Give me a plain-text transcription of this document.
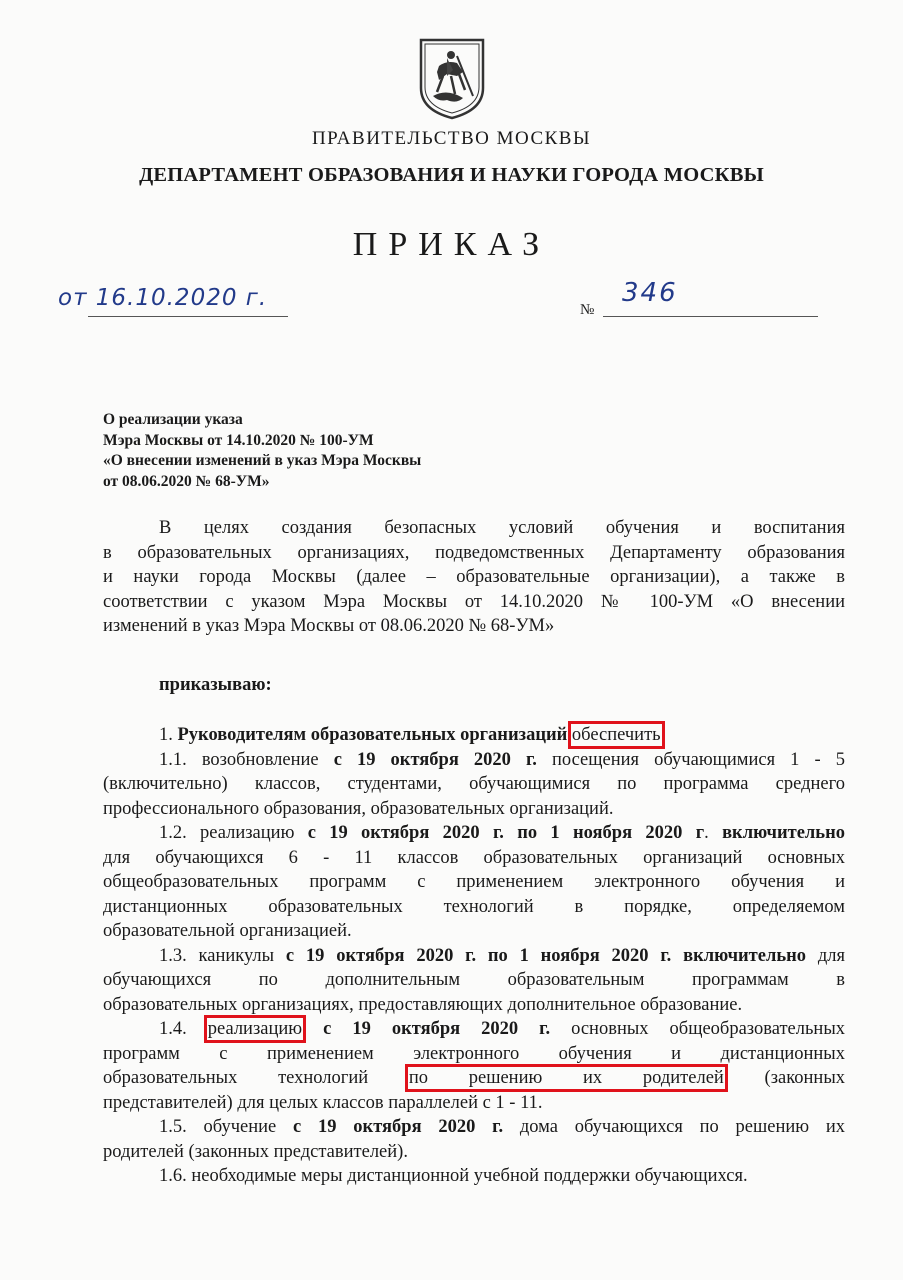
ПРАВИТЕЛЬСТВО МОСКВЫ
ДЕПАРТАМЕНТ ОБРАЗОВАНИЯ И НАУКИ ГОРОДА МОСКВЫ
ПРИКАЗ
от 16.10.2020 г.	№
346
О реализации указа
Мэра Москвы от 14.10.2020 № 100-УМ
«О внесении изменений в указ Мэра Москвы
от 08.06.2020 № 68-УМ»

В целях создания безопасных условий обучения и воспитания

в образовательных организациях, подведомственных Департаменту образования

и науки города Москвы (далее – образовательные организации), а также в

соответствии с указом Мэра Москвы от 14.10.2020 № 100-УМ «О внесении

изменений в указ Мэра Москвы от 08.06.2020 № 68-УМ»

приказываю:

1. Руководителям образовательных организаций обеспечить

1.1. возобновление с 19 октября 2020 г. посещения обучающимися 1 - 5

(включительно) классов, студентами, обучающимися по программа среднего

профессионального образования, образовательных организаций.

1.2. реализацию с 19 октября 2020 г. по 1 ноября 2020 г. включительно

для обучающихся 6 - 11 классов образовательных организаций основных

общеобразовательных программ с применением электронного обучения и

дистанционных образовательных технологий в порядке, определяемом

образовательной организацией.

1.3. каникулы с 19 октября 2020 г. по 1 ноября 2020 г. включительно для

обучающихся по дополнительным образовательным программам в

образовательных организациях, предоставляющих дополнительное образование.

1.4. реализацию с 19 октября 2020 г. основных общеобразовательных

программ с применением электронного обучения и дистанционных

образовательных технологий по решению их родителей (законных

представителей) для целых классов параллелей с 1 - 11.

1.5. обучение с 19 октября 2020 г. дома обучающихся по решению их

родителей (законных представителей).

1.6. необходимые меры дистанционной учебной поддержки обучающихся.
